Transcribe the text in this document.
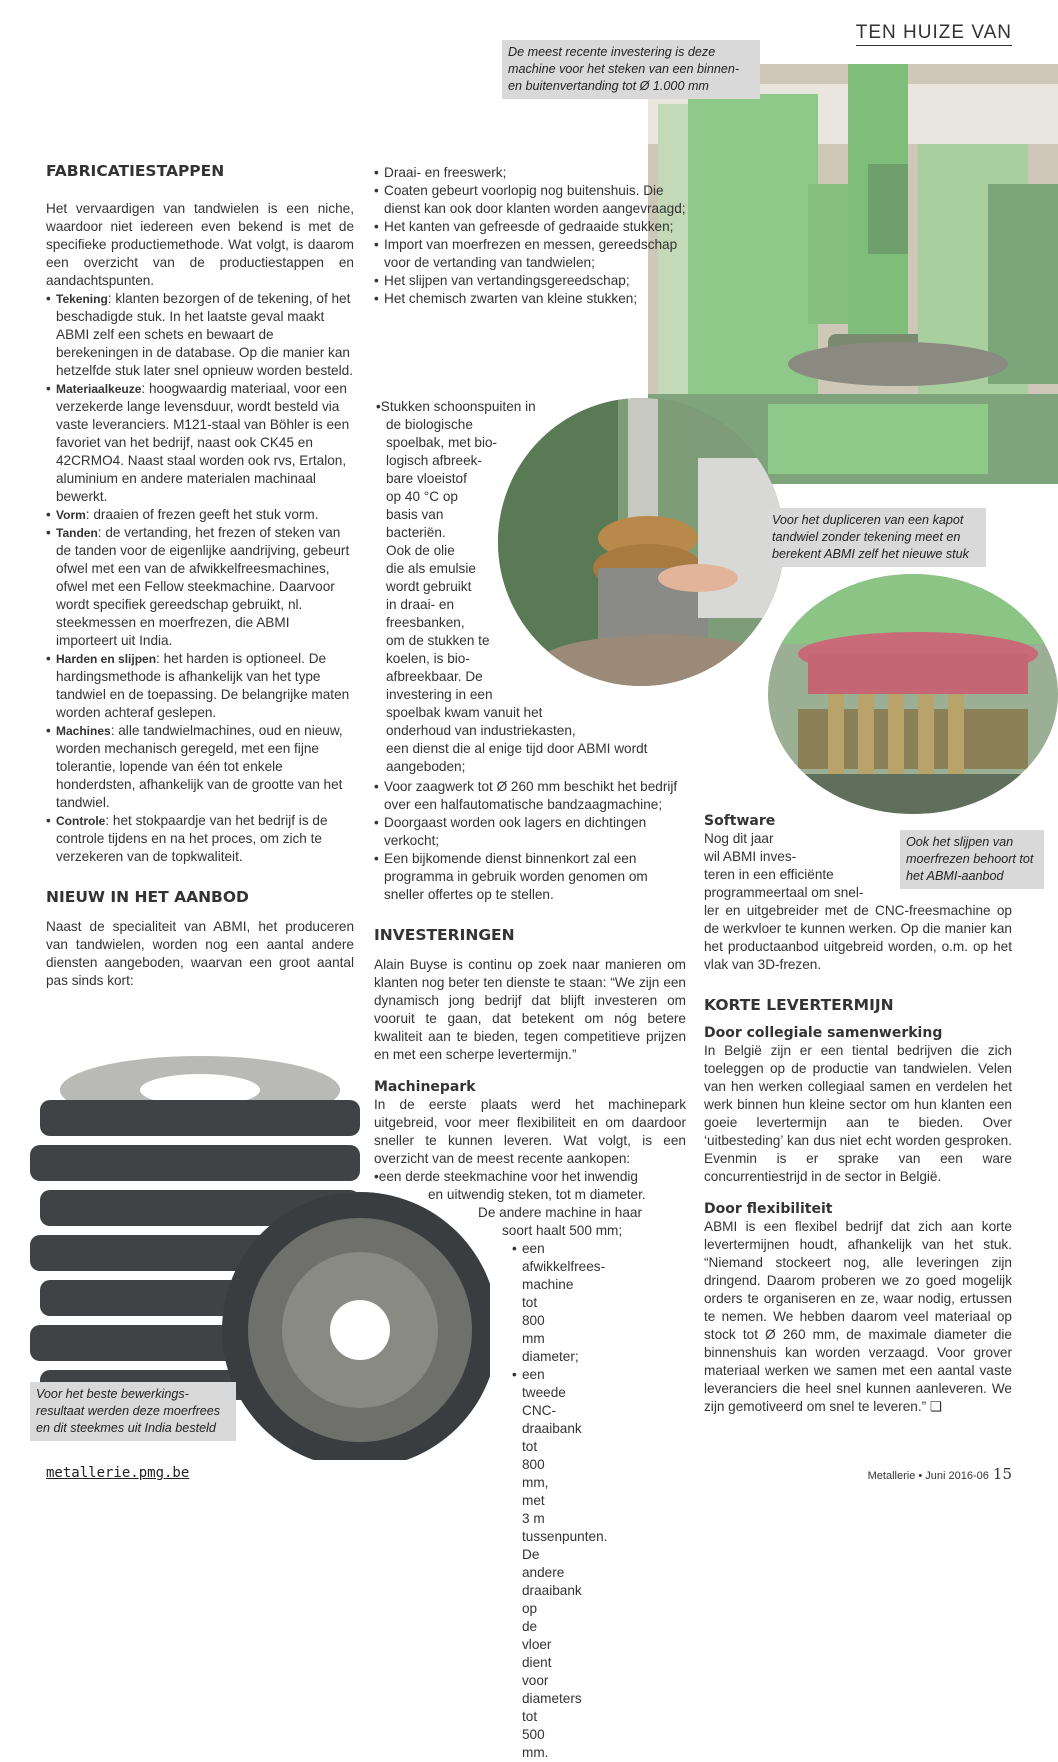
TEN HUIZE VAN
De meest recente investering is deze machine voor het steken van een binnen- en buitenvertanding tot Ø 1.000 mm
Voor het dupliceren van een kapot tandwiel zonder tekening meet en berekent ABMI zelf het nieuwe stuk
Ook het slijpen van moerfrezen behoort tot het ABMI-aanbod
FABRICATIESTAPPEN

Het vervaardigen van tandwielen is een niche, waardoor niet iedereen even bekend is met de specifieke productiemethode. Wat volgt, is daarom een overzicht van de productiestappen en aandachtspunten.

• Tekening: klanten bezorgen of de tekening, of het beschadigde stuk. In het laatste geval maakt ABMI zelf een schets en bewaart de berekeningen in de database. Op die manier kan hetzelfde stuk later snel opnieuw worden besteld.
• Materiaalkeuze: hoogwaardig materiaal, voor een verzekerde lange levensduur, wordt besteld via vaste leveranciers. M121-staal van Böhler is een favoriet van het bedrijf, naast ook CK45 en 42CRMO4. Naast staal worden ook rvs, Ertalon, aluminium en andere materialen machinaal bewerkt.
• Vorm: draaien of frezen geeft het stuk vorm.
• Tanden: de vertanding, het frezen of steken van de tanden voor de eigenlijke aandrijving, gebeurt ofwel met een van de afwikkelfreesmachines, ofwel met een Fellow steekmachine. Daarvoor wordt specifiek gereedschap gebruikt, nl. steekmessen en moerfrezen, die ABMI importeert uit India.
• Harden en slijpen: het harden is optioneel. De hardingsmethode is afhankelijk van het type tandwiel en de toepassing. De belangrijke maten worden achteraf geslepen.
• Machines: alle tandwielmachines, oud en nieuw, worden mechanisch geregeld, met een fijne tolerantie, lopende van één tot enkele honderdsten, afhankelijk van de grootte van het tandwiel.
• Controle: het stokpaardje van het bedrijf is de controle tijdens en na het proces, om zich te verzekeren van de topkwaliteit.
NIEUW IN HET AANBOD

Naast de specialiteit van ABMI, het produceren van tandwielen, worden nog een aantal andere diensten aangeboden, waarvan een groot aantal pas sinds kort:

Voor het beste bewerkings-resultaat werden deze moerfrees en dit steekmes uit India besteld
• Draai- en freeswerk;
• Coaten gebeurt voorlopig nog buitenshuis. Die dienst kan ook door klanten worden aangevraagd;
• Het kanten van gefreesde of gedraaide stukken;
• Import van moerfrezen en messen, gereedschap voor de vertanding van tandwielen;
• Het slijpen van vertandingsgereedschap;
• Het chemisch zwarten van kleine stukken;
•Stukken schoonspuiten in
de biologische
spoelbak, met bio-
logisch afbreek-
bare vloeistof
op 40 °C op
basis van
bacteriën.
Ook de olie
die als emulsie
wordt gebruikt
in draai- en
freesbanken,
om de stukken te
koelen, is bio-
afbreekbaar. De
investering in een
spoelbak kwam vanuit het
onderhoud van industriekasten,
een dienst die al enige tijd door ABMI wordt
aangeboden;
• Voor zaagwerk tot Ø 260 mm beschikt het bedrijf over een halfautomatische bandzaagmachine;
• Doorgaast worden ook lagers en dichtingen verkocht;
• Een bijkomende dienst binnenkort zal een programma in gebruik worden genomen om sneller offertes op te stellen.
INVESTERINGEN

Alain Buyse is continu op zoek naar manieren om klanten nog beter ten dienste te staan: “We zijn een dynamisch jong bedrijf dat blijft investeren om vooruit te gaan, dat betekent om nóg betere kwaliteit aan te bieden, tegen competitieve prijzen en met een scherpe levertermijn.”

Machinepark

In de eerste plaats werd het machinepark uitgebreid, voor meer flexibiliteit en om daardoor sneller te kunnen leveren. Wat volgt, is een overzicht van de meest recente aankopen:

•een derde steekmachine voor het inwendig
en uitwendig steken, tot m diameter.
De andere machine in haar
soort haalt 500 mm;
• een afwikkelfrees- machine tot 800 mm diameter;
• een tweede CNC-draaibank tot 800 mm, met 3 m tussenpunten. De andere draaibank op de vloer dient voor diameters tot 500 mm.
Software
Nog dit jaar
wil ABMI inves-
teren in een efficiënte
programmeertaal om snel-

ler en uitgebreider met de CNC-freesmachine op de werkvloer te kunnen werken. Op die manier kan het productaanbod uitgebreid worden, o.m. op het vlak van 3D-frezen.

KORTE LEVERTERMIJN
Door collegiale samenwerking

In België zijn er een tiental bedrijven die zich toeleggen op de productie van tandwielen. Velen van hen werken collegiaal samen en verdelen het werk binnen hun kleine sector om hun klanten een goeie levertermijn aan te bieden. Over ‘uitbesteding’ kan dus niet echt worden gesproken. Evenmin is er sprake van een ware concurrentiestrijd in de sector in België.

Door flexibiliteit

ABMI is een flexibel bedrijf dat zich aan korte levertermijnen houdt, afhankelijk van het stuk. “Niemand stockeert nog, alle leveringen zijn dringend. Daarom proberen we zo goed mogelijk orders te organiseren en ze, waar nodig, ertussen te nemen. We hebben daarom veel materiaal op stock tot Ø 260 mm, de maximale diameter die binnenshuis kan worden verzaagd. Voor grover materiaal werken we samen met een aantal vaste leveranciers die heel snel kunnen aanleveren. We zijn gemotiveerd om snel te leveren.” ❑

metallerie.pmg.be	Metallerie • Juni 2016-06 15
